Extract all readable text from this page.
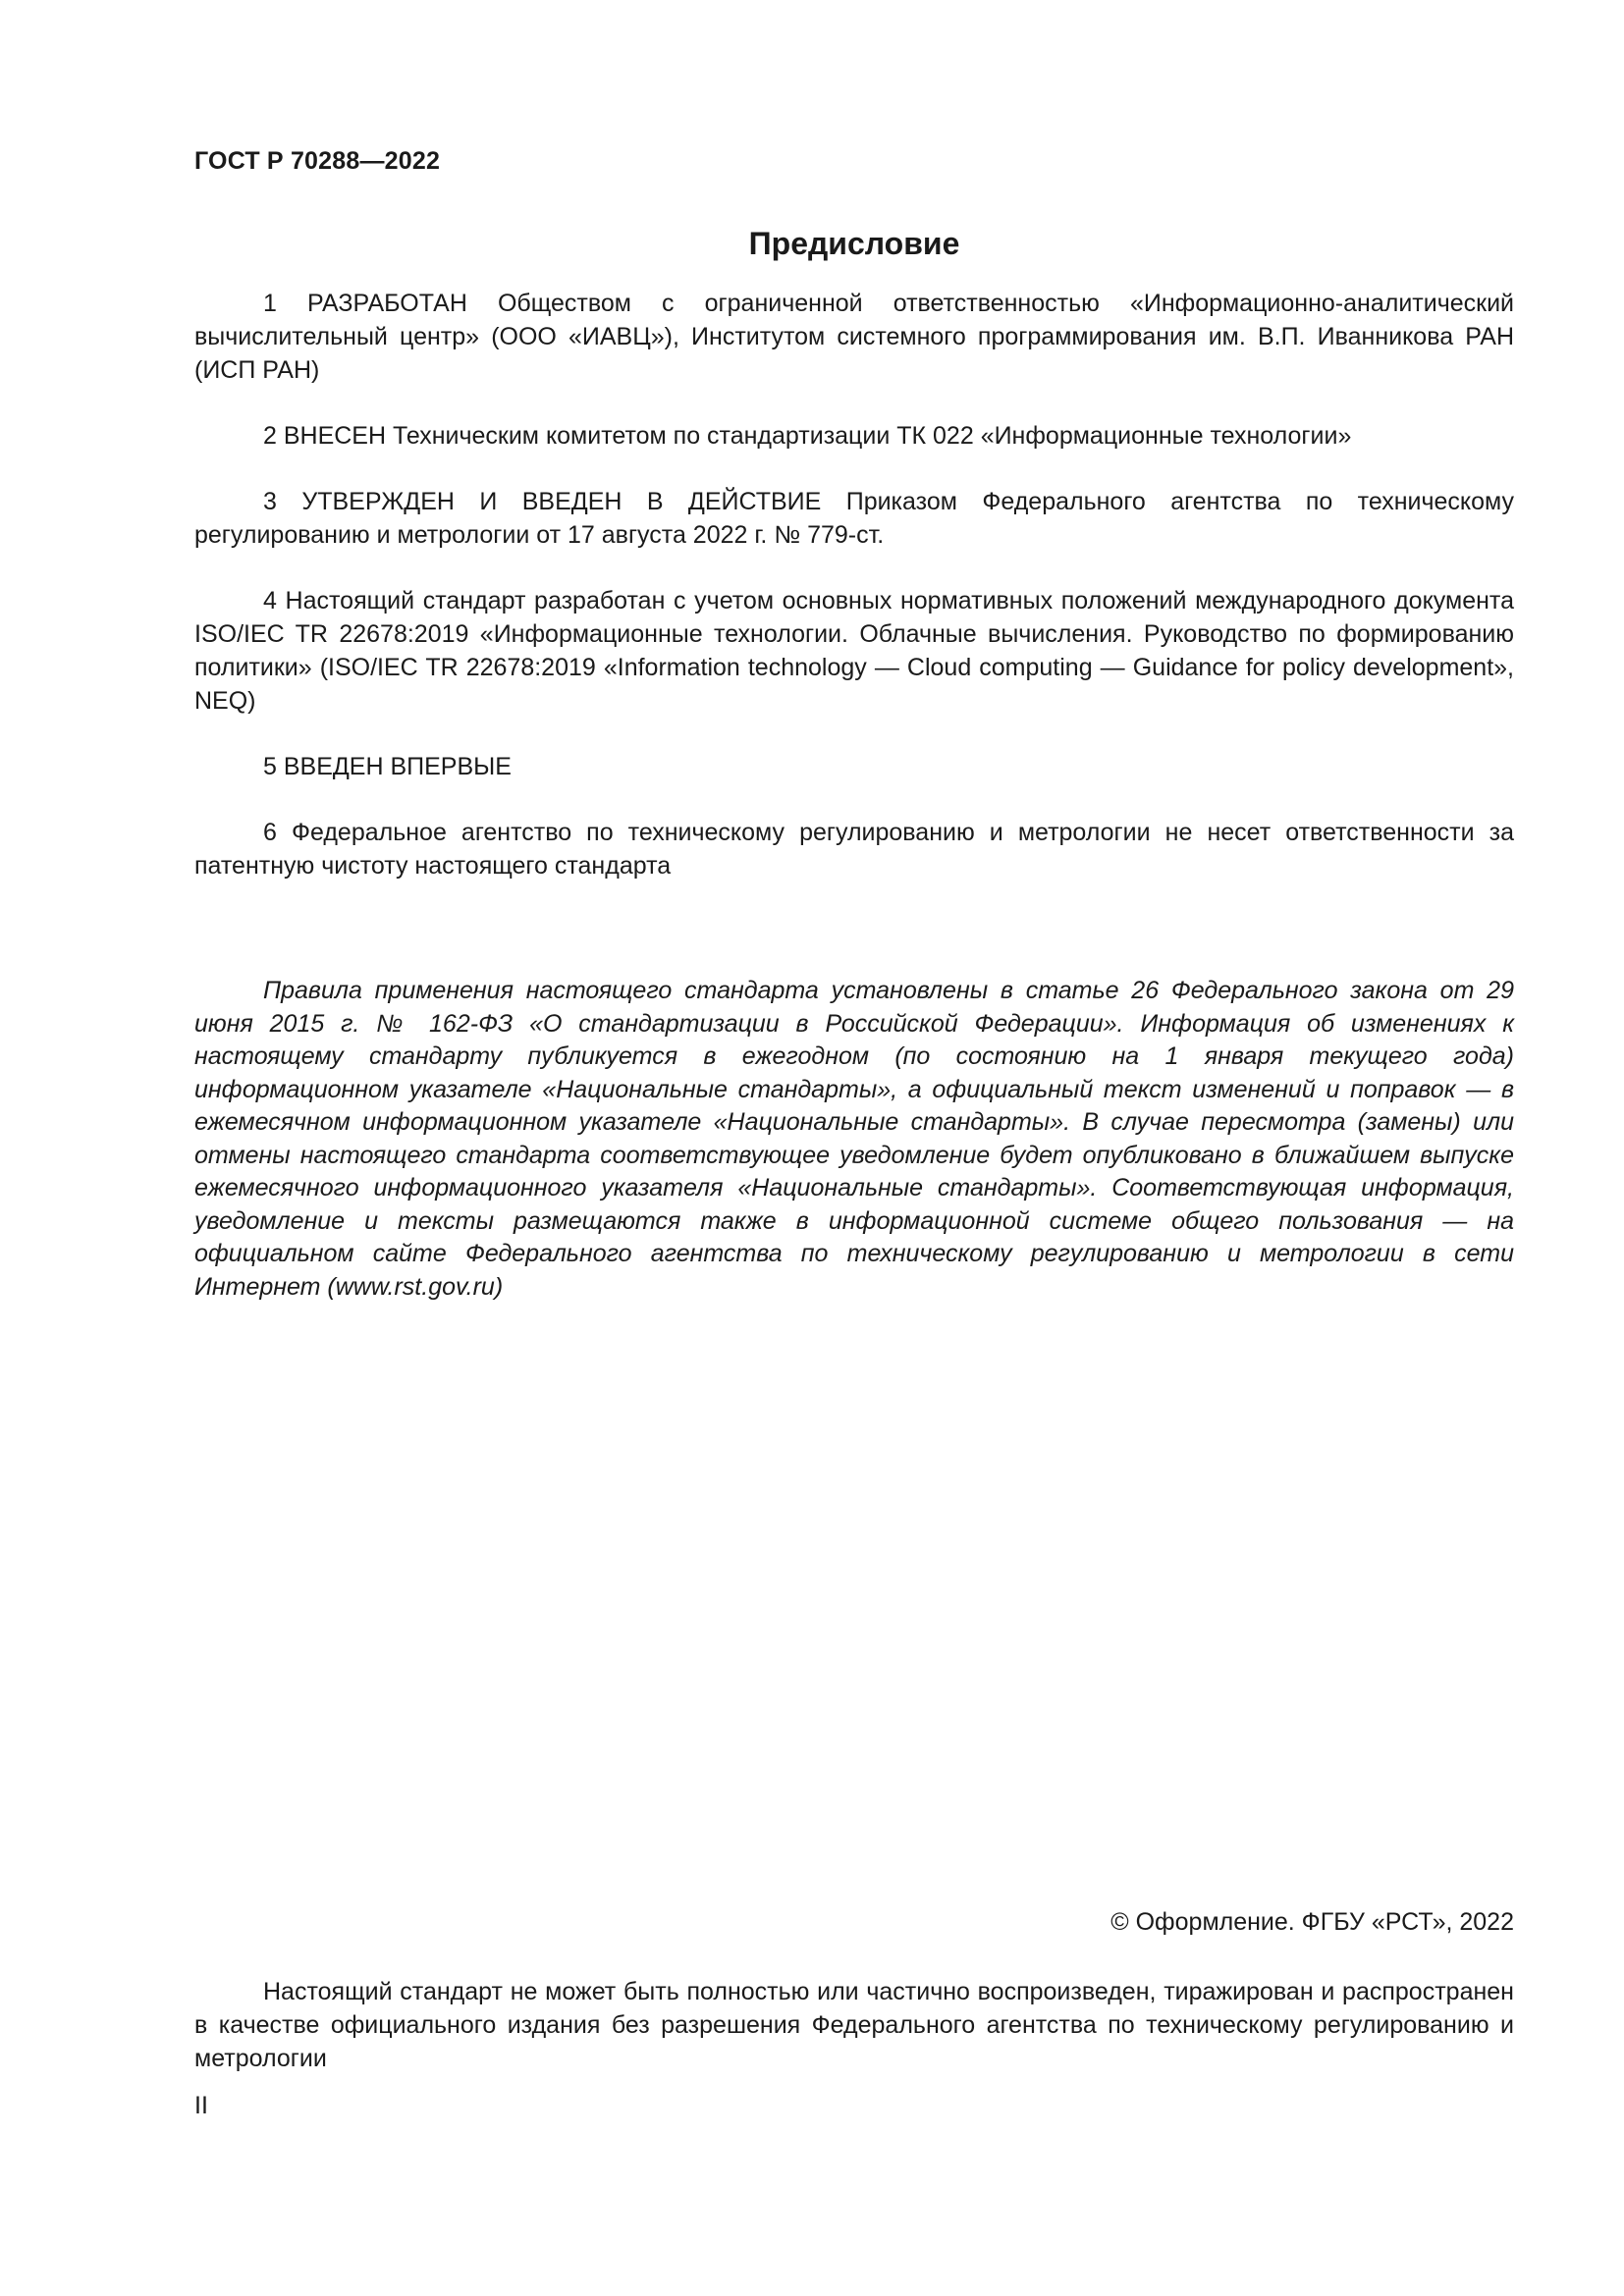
ГОСТ Р 70288—2022
Предисловие

1 РАЗРАБОТАН Обществом с ограниченной ответственностью «Информационно-аналитический вычислительный центр» (ООО «ИАВЦ»), Институтом системного программирования им. В.П. Иванникова РАН (ИСП РАН)

2 ВНЕСЕН Техническим комитетом по стандартизации ТК 022 «Информационные технологии»

3 УТВЕРЖДЕН И ВВЕДЕН В ДЕЙСТВИЕ Приказом Федерального агентства по техническому регулированию и метрологии от 17 августа 2022 г. № 779-ст.

4 Настоящий стандарт разработан с учетом основных нормативных положений международного документа ISO/IEC TR 22678:2019 «Информационные технологии. Облачные вычисления. Руководство по формированию политики» (ISO/IEC TR 22678:2019 «Information technology — Cloud computing — Guidance for policy development», NEQ)

5 ВВЕДЕН ВПЕРВЫЕ

6 Федеральное агентство по техническому регулированию и метрологии не несет ответственности за патентную чистоту настоящего стандарта

Правила применения настоящего стандарта установлены в статье 26 Федерального закона от 29 июня 2015 г. № 162-ФЗ «О стандартизации в Российской Федерации». Информация об изменениях к настоящему стандарту публикуется в ежегодном (по состоянию на 1 января текущего года) информационном указателе «Национальные стандарты», а официальный текст изменений и поправок — в ежемесячном информационном указателе «Национальные стандарты». В случае пересмотра (замены) или отмены настоящего стандарта соответствующее уведомление будет опубликовано в ближайшем выпуске ежемесячного информационного указателя «Национальные стандарты». Соответствующая информация, уведомление и тексты размещаются также в информационной системе общего пользования — на официальном сайте Федерального агентства по техническому регулированию и метрологии в сети Интернет (www.rst.gov.ru)

© Оформление. ФГБУ «РСТ», 2022

Настоящий стандарт не может быть полностью или частично воспроизведен, тиражирован и распространен в качестве официального издания без разрешения Федерального агентства по техническому регулированию и метрологии

II
